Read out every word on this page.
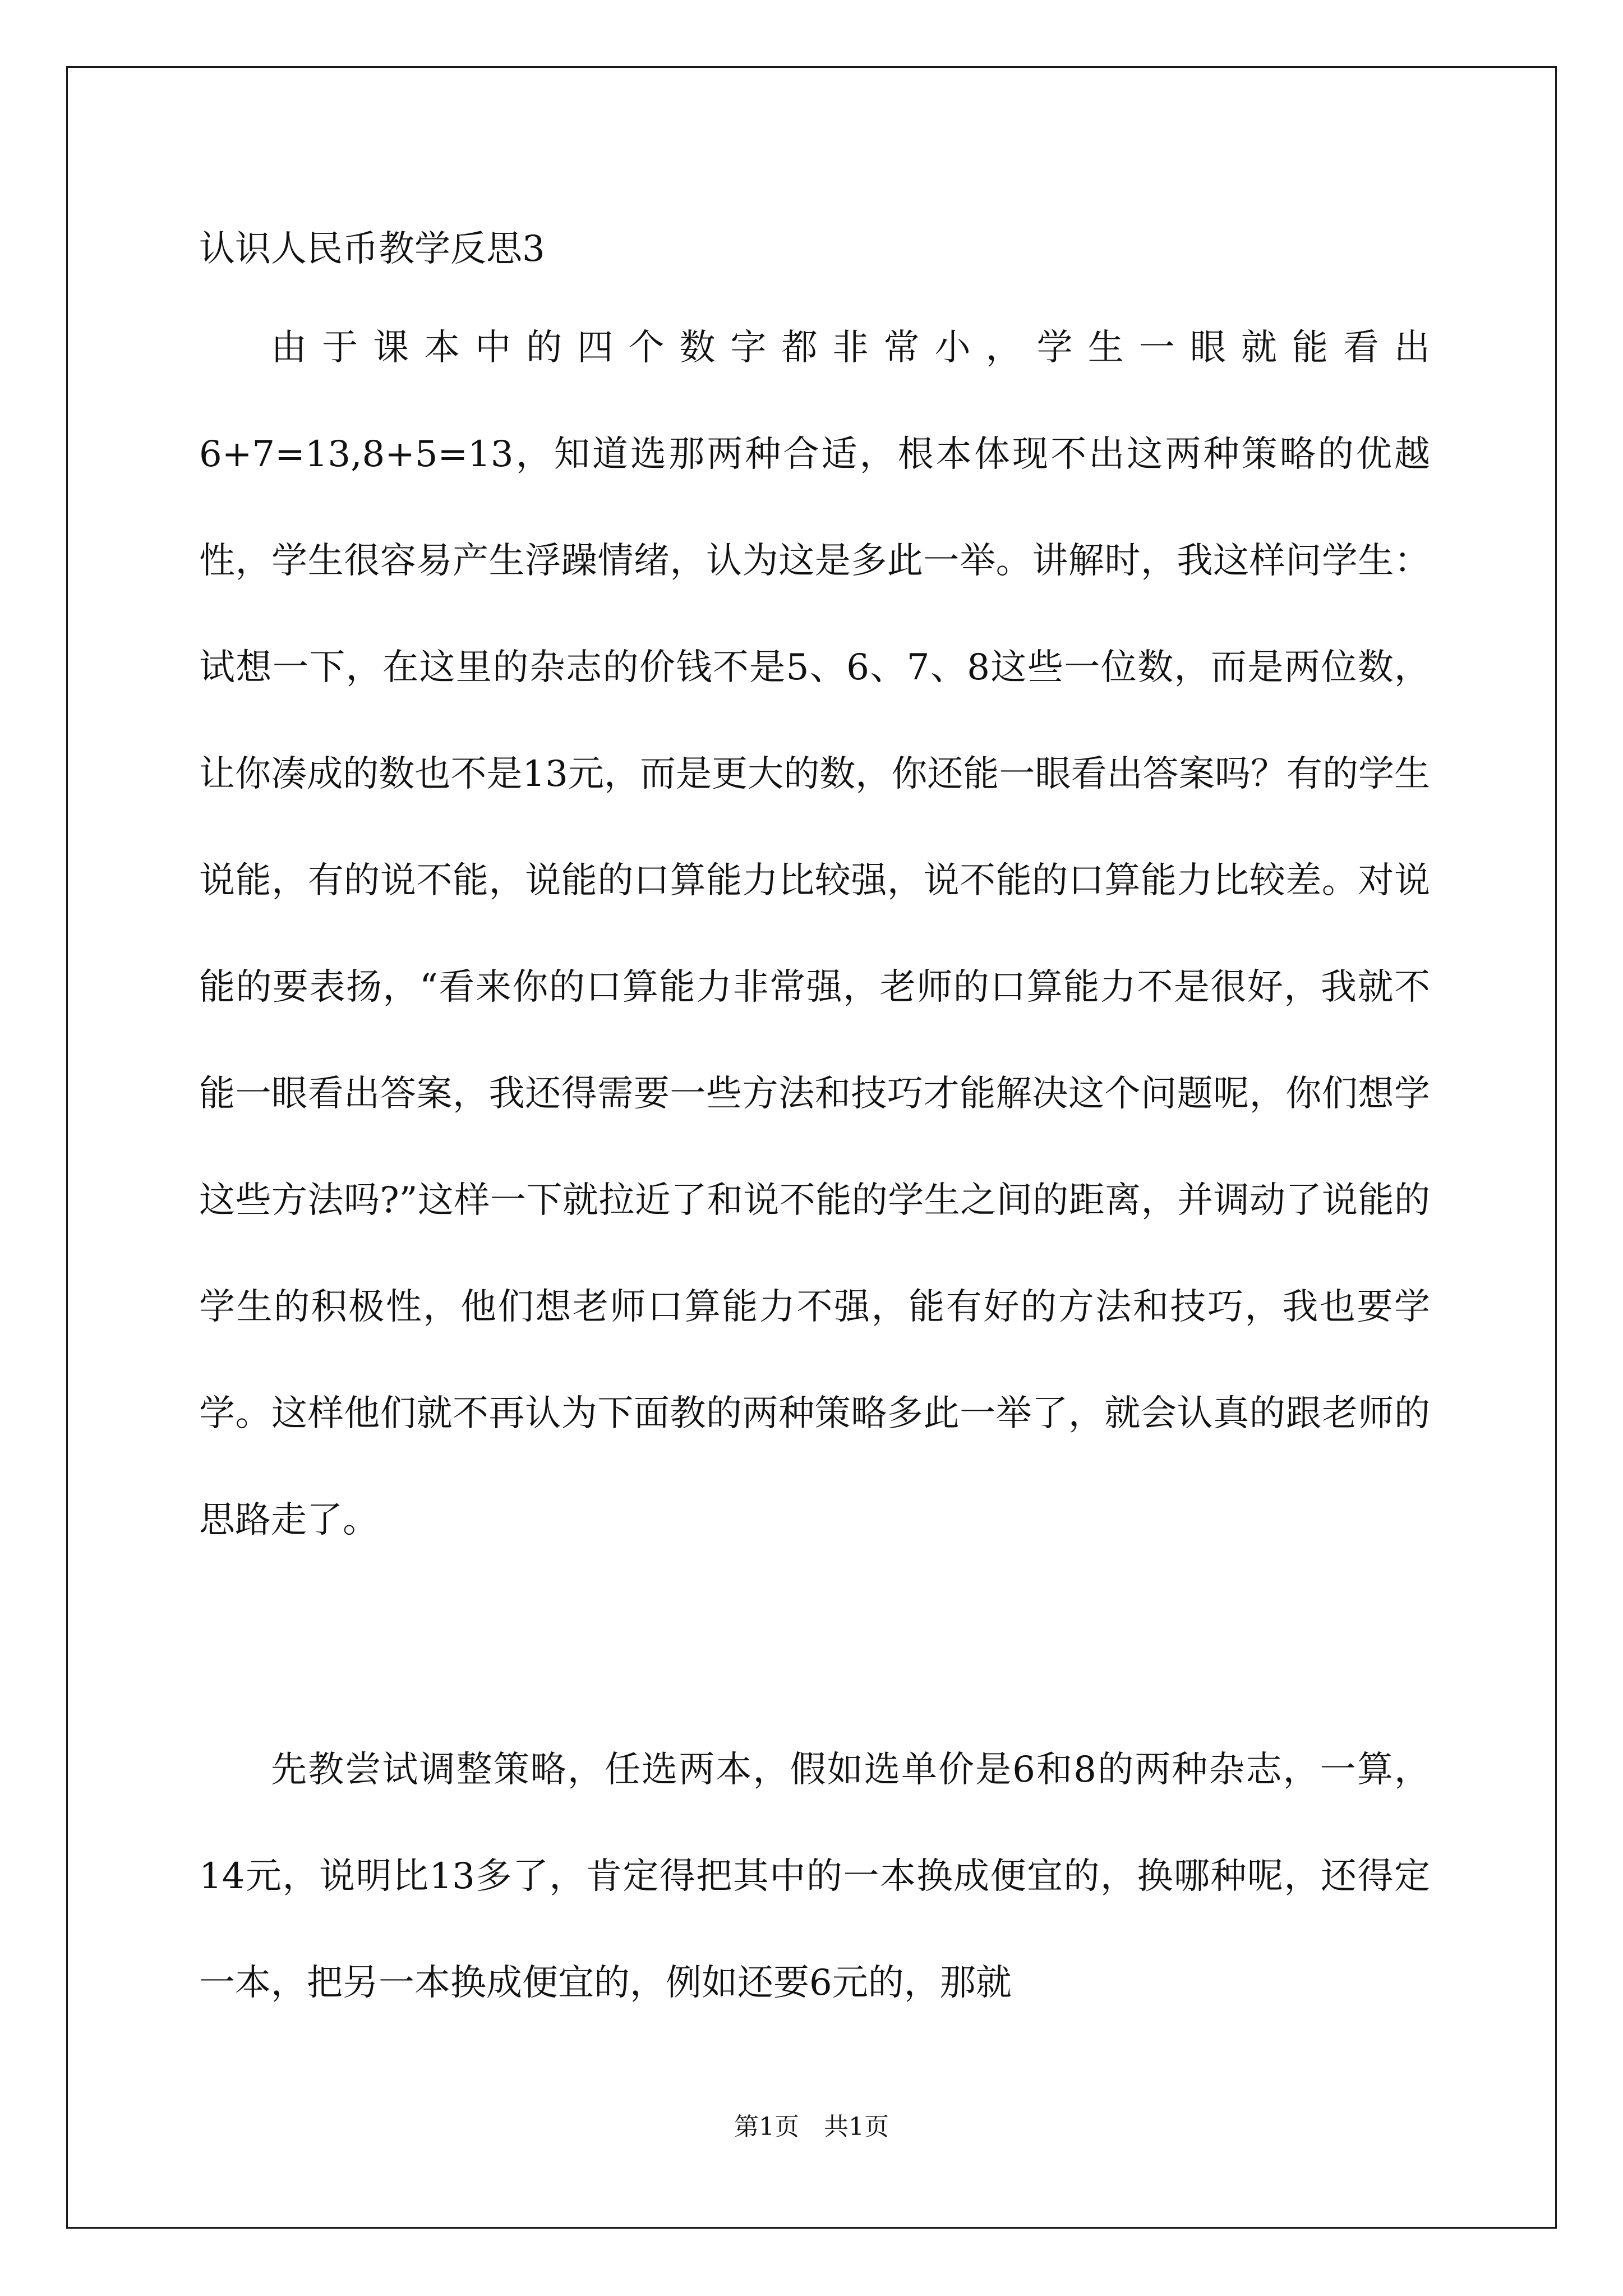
认识人民币教学反思3

由于课本中的四个数字都非常小，学生一眼就能看出6+7=13,8+5=13，知道选那两种合适，根本体现不出这两种策略的优越性，学生很容易产生浮躁情绪，认为这是多此一举。讲解时，我这样问学生：试想一下，在这里的杂志的价钱不是5、6、7、8这些一位数，而是两位数，让你凑成的数也不是13元，而是更大的数，你还能一眼看出答案吗？有的学生说能，有的说不能，说能的口算能力比较强，说不能的口算能力比较差。对说能的要表扬，“看来你的口算能力非常强，老师的口算能力不是很好，我就不能一眼看出答案，我还得需要一些方法和技巧才能解决这个问题呢，你们想学这些方法吗?”这样一下就拉近了和说不能的学生之间的距离，并调动了说能的学生的积极性，他们想老师口算能力不强，能有好的方法和技巧，我也要学学。这样他们就不再认为下面教的两种策略多此一举了，就会认真的跟老师的思路走了。

先教尝试调整策略，任选两本，假如选单价是6和8的两种杂志，一算，14元，说明比13多了，肯定得把其中的一本换成便宜的，换哪种呢，还得定一本，把另一本换成便宜的，例如还要6元的，那就

第1页　共1页
